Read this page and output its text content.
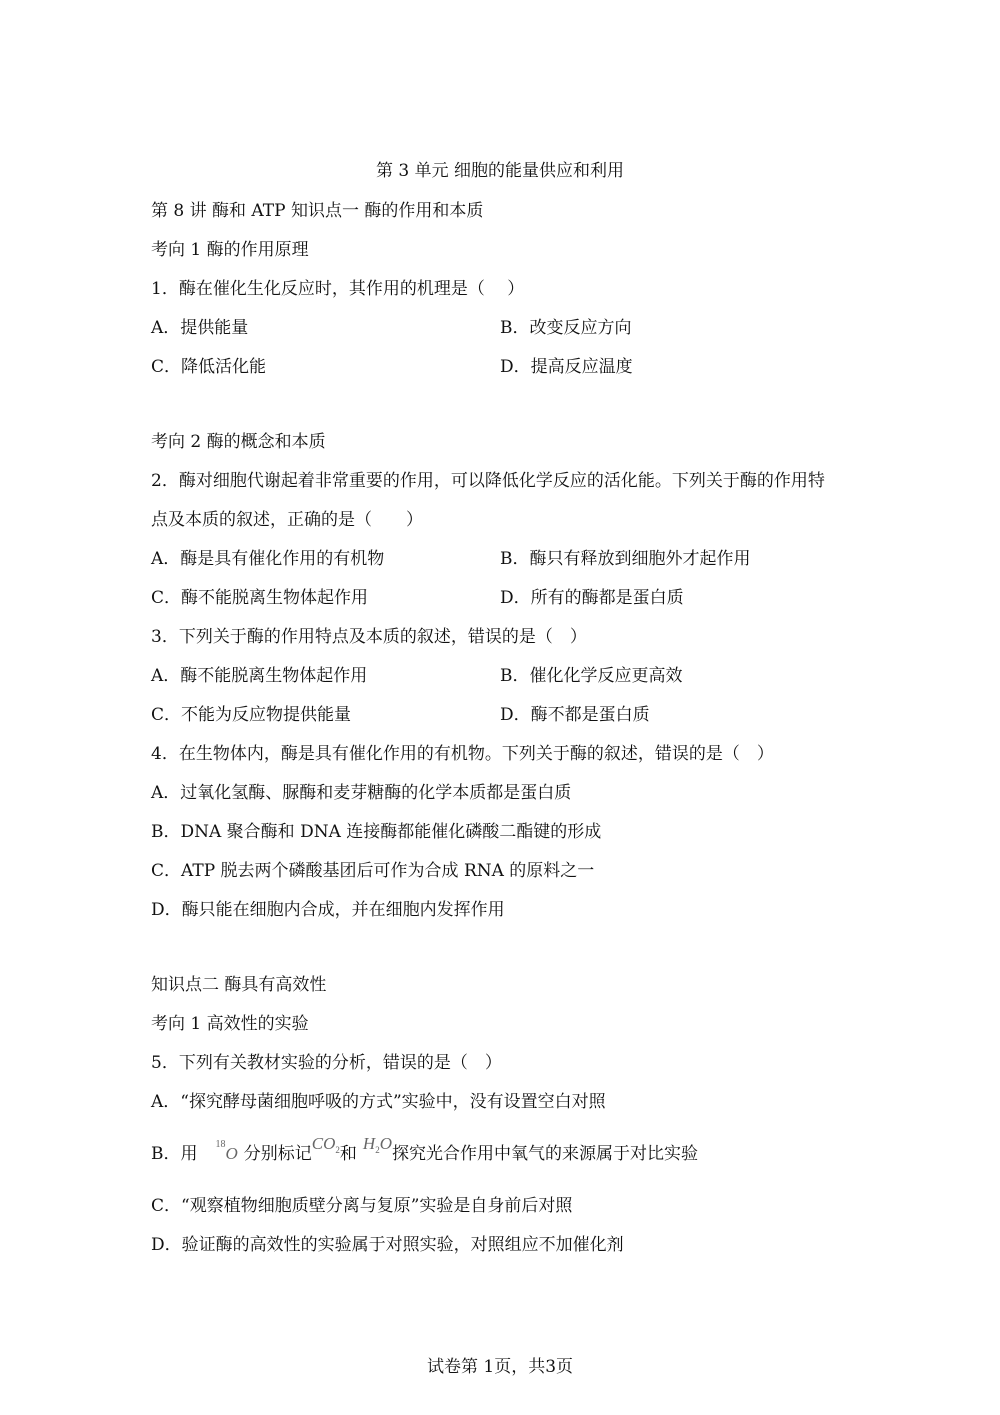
第 3 单元 细胞的能量供应和利用
第 8 讲 酶和 ATP 知识点一 酶的作用和本质
考向 1 酶的作用原理
1．酶在催化生化反应时，其作用的机理是（　 ）
A．提供能量	B．改变反应方向
C．降低活化能	D．提高反应温度
考向 2 酶的概念和本质
2．酶对细胞代谢起着非常重要的作用，可以降低化学反应的活化能。下列关于酶的作用特
点及本质的叙述，正确的是（　　）
A．酶是具有催化作用的有机物	B．酶只有释放到细胞外才起作用
C．酶不能脱离生物体起作用	D．所有的酶都是蛋白质
3．下列关于酶的作用特点及本质的叙述，错误的是（　）
A．酶不能脱离生物体起作用	B．催化化学反应更高效
C．不能为反应物提供能量	D．酶不都是蛋白质
4．在生物体内，酶是具有催化作用的有机物。下列关于酶的叙述，错误的是（　）
A．过氧化氢酶、脲酶和麦芽糖酶的化学本质都是蛋白质
B．DNA 聚合酶和 DNA 连接酶都能催化磷酸二酯键的形成
C．ATP 脱去两个磷酸基团后可作为合成 RNA 的原料之一
D．酶只能在细胞内合成，并在细胞内发挥作用
知识点二 酶具有高效性
考向 1 高效性的实验
5．下列有关教材实验的分析，错误的是（　）
A．“探究酵母菌细胞呼吸的方式”实验中，没有设置空白对照
B．用 $^{18}$O 分别标记$CO_2$和$H_2O$探究光合作用中氧气的来源属于对比实验
C．“观察植物细胞质壁分离与复原”实验是自身前后对照
D．验证酶的高效性的实验属于对照实验，对照组应不加催化剂
试卷第 1页，共3页
